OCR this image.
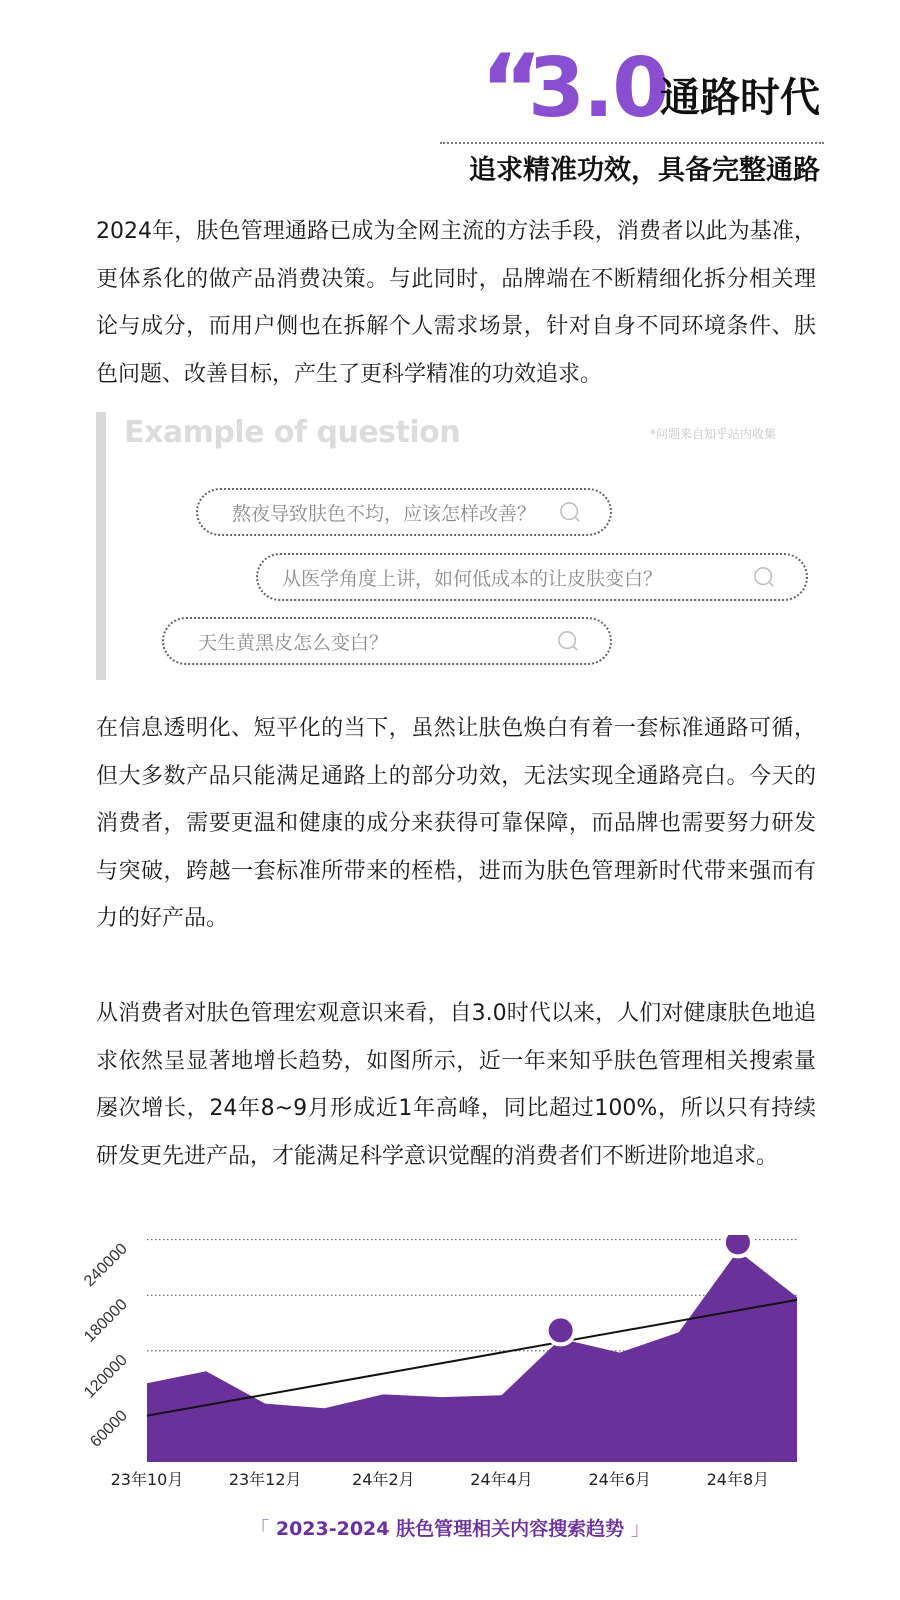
“
3.0
通路时代
追求精准功效，具备完整通路

2024年，肤色管理通路已成为全网主流的方法手段，消费者以此为基准，更体系化的做产品消费决策。与此同时，品牌端在不断精细化拆分相关理论与成分，而用户侧也在拆解个人需求场景，针对自身不同环境条件、肤色问题、改善目标，产生了更科学精准的功效追求。

Example of question	*问题来自知乎站内收集
熬夜导致肤色不均，应该怎样改善？
从医学角度上讲，如何低成本的让皮肤变白？
天生黄黑皮怎么变白？

在信息透明化、短平化的当下，虽然让肤色焕白有着一套标准通路可循，但大多数产品只能满足通路上的部分功效，无法实现全通路亮白。今天的消费者，需要更温和健康的成分来获得可靠保障，而品牌也需要努力研发与突破，跨越一套标准所带来的桎梏，进而为肤色管理新时代带来强而有力的好产品。

从消费者对肤色管理宏观意识来看，自3.0时代以来，人们对健康肤色地追求依然呈显著地增长趋势，如图所示，近一年来知乎肤色管理相关搜索量屡次增长，24年8~9月形成近1年高峰，同比超过100%，所以只有持续研发更先进产品，才能满足科学意识觉醒的消费者们不断进阶地追求。

60000
120000
180000
240000
23年10月	23年12月	24年2月	24年4月	24年6月	24年8月
「 2023-2024 肤色管理相关内容搜索趋势 」
